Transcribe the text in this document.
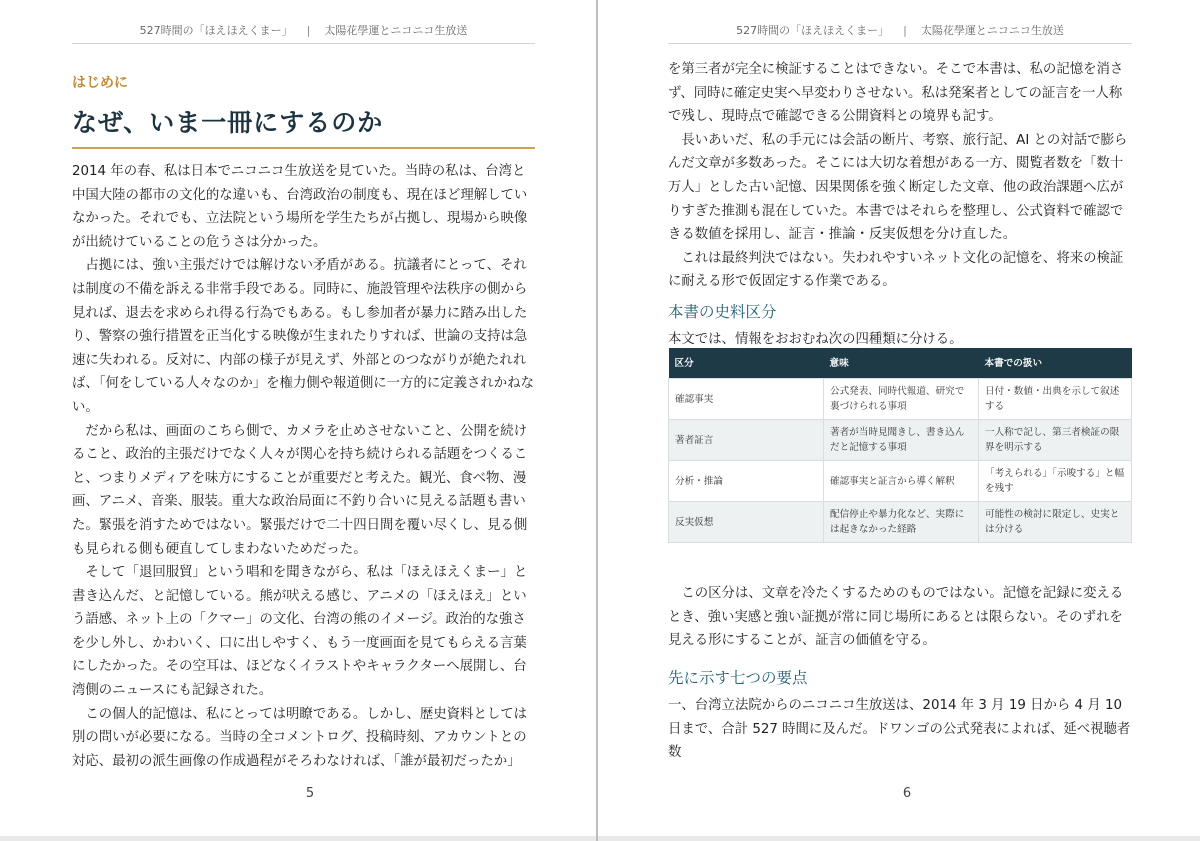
527時間の「ほえほえくまー」 | 太陽花學運とニコニコ生放送
はじめに
なぜ、いま一冊にするのか

2014 年の春、私は日本でニコニコ生放送を見ていた。当時の私は、台湾と中国大陸の都市の文化的な違いも、台湾政治の制度も、現在ほど理解していなかった。それでも、立法院という場所を学生たちが占拠し、現場から映像が出続けていることの危うさは分かった。

占拠には、強い主張だけでは解けない矛盾がある。抗議者にとって、それは制度の不備を訴える非常手段である。同時に、施設管理や法秩序の側から見れば、退去を求められ得る行為でもある。もし参加者が暴力に踏み出したり、警察の強行措置を正当化する映像が生まれたりすれば、世論の支持は急速に失われる。反対に、内部の様子が見えず、外部とのつながりが絶たれれば、「何をしている人々なのか」を権力側や報道側に一方的に定義されかねない。

だから私は、画面のこちら側で、カメラを止めさせないこと、公開を続けること、政治的主張だけでなく人々が関心を持ち続けられる話題をつくること、つまりメディアを味方にすることが重要だと考えた。観光、食べ物、漫画、アニメ、音楽、服装。重大な政治局面に不釣り合いに見える話題も書いた。緊張を消すためではない。緊張だけで二十四日間を覆い尽くし、見る側も見られる側も硬直してしまわないためだった。

そして「退回服貿」という唱和を聞きながら、私は「ほえほえくまー」と書き込んだ、と記憶している。熊が吠える感じ、アニメの「ほえほえ」という語感、ネット上の「クマー」の文化、台湾の熊のイメージ。政治的な強さを少し外し、かわいく、口に出しやすく、もう一度画面を見てもらえる言葉にしたかった。その空耳は、ほどなくイラストやキャラクターへ展開し、台湾側のニュースにも記録された。

この個人的記憶は、私にとっては明瞭である。しかし、歴史資料としては別の問いが必要になる。当時の全コメントログ、投稿時刻、アカウントとの対応、最初の派生画像の作成過程がそろわなければ、「誰が最初だったか」

5
527時間の「ほえほえくまー」 | 太陽花學運とニコニコ生放送

を第三者が完全に検証することはできない。そこで本書は、私の記憶を消さず、同時に確定史実へ早変わりさせない。私は発案者としての証言を一人称で残し、現時点で確認できる公開資料との境界も記す。

長いあいだ、私の手元には会話の断片、考察、旅行記、AI との対話で膨らんだ文章が多数あった。そこには大切な着想がある一方、閲覧者数を「数十万人」とした古い記憶、因果関係を強く断定した文章、他の政治課題へ広がりすぎた推測も混在していた。本書ではそれらを整理し、公式資料で確認できる数値を採用し、証言・推論・反実仮想を分け直した。

これは最終判決ではない。失われやすいネット文化の記憶を、将来の検証に耐える形で仮固定する作業である。

本書の史料区分

本文では、情報をおおむね次の四種類に分ける。

区分	意味	本書での扱い
確認事実	公式発表、同時代報道、研究で裏づけられる事項	日付・数値・出典を示して叙述する
著者証言	著者が当時見聞きし、書き込んだと記憶する事項	一人称で記し、第三者検証の限界を明示する
分析・推論	確認事実と証言から導く解釈	「考えられる」「示唆する」と幅を残す
反実仮想	配信停止や暴力化など、実際には起きなかった経路	可能性の検討に限定し、史実とは分ける

この区分は、文章を冷たくするためのものではない。記憶を記録に変えるとき、強い実感と強い証拠が常に同じ場所にあるとは限らない。そのずれを見える形にすることが、証言の価値を守る。

先に示す七つの要点

一、台湾立法院からのニコニコ生放送は、2014 年 3 月 19 日から 4 月 10 日まで、合計 527 時間に及んだ。ドワンゴの公式発表によれば、延べ視聴者数

6
